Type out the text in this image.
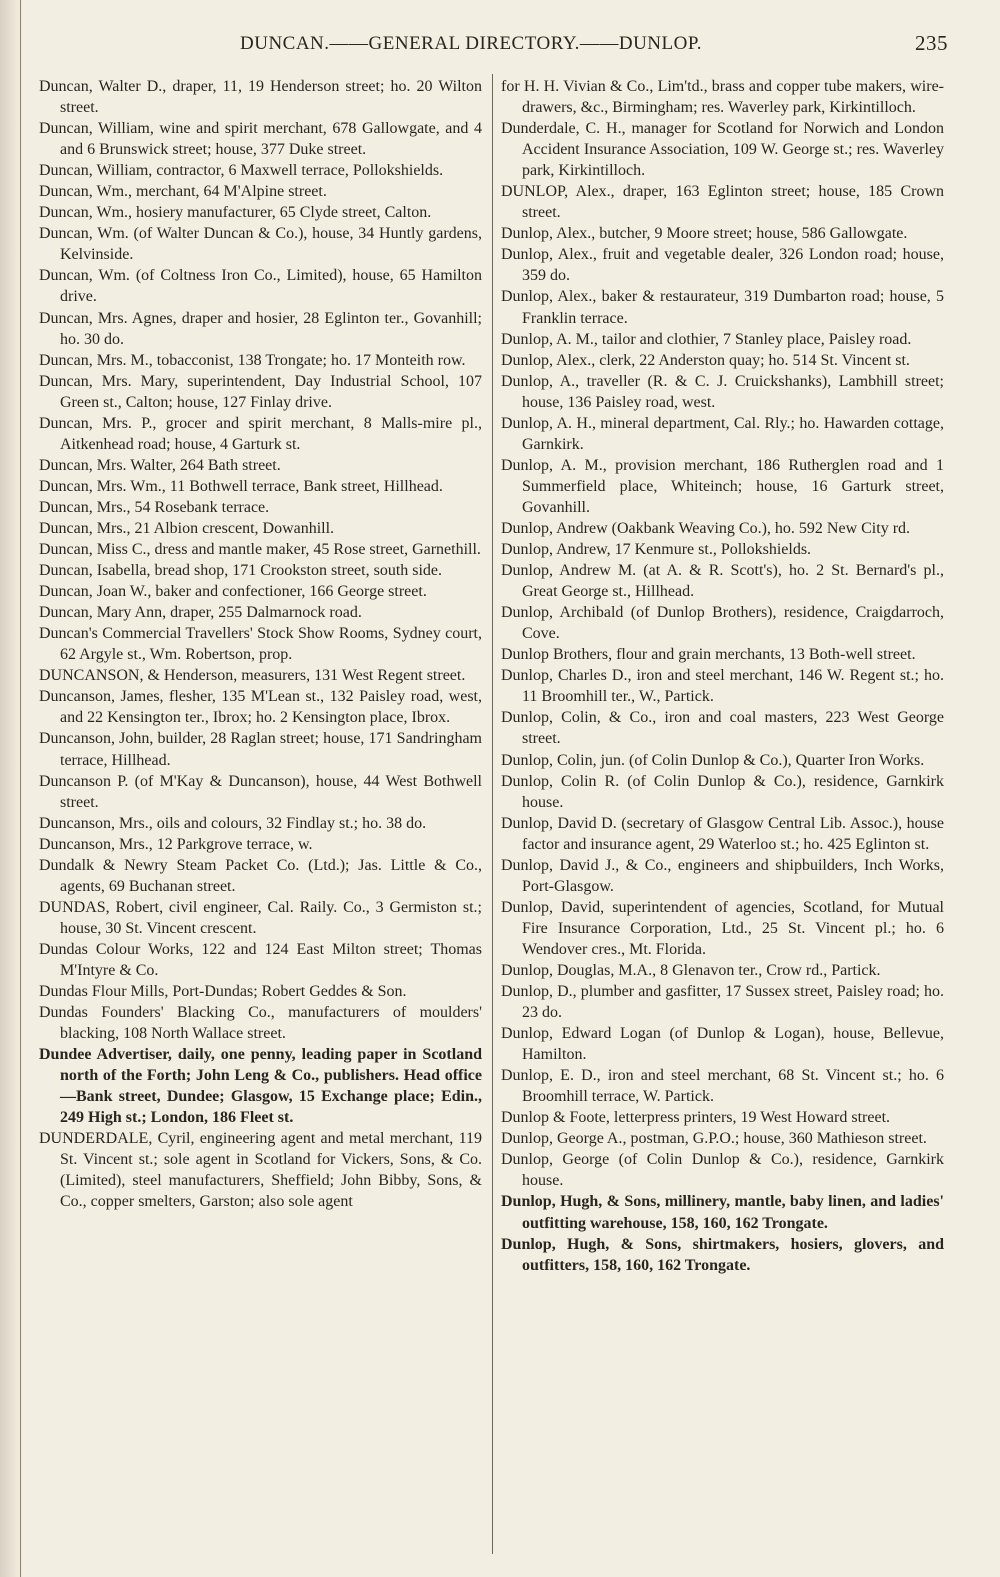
DUNCAN.——GENERAL DIRECTORY.——DUNLOP.	235

Duncan, Walter D., draper, 11, 19 Henderson street; ho. 20 Wilton street.

Duncan, William, wine and spirit merchant, 678 Gallowgate, and 4 and 6 Brunswick street; house, 377 Duke street.

Duncan, William, contractor, 6 Maxwell terrace, Pollokshields.

Duncan, Wm., merchant, 64 M'Alpine street.

Duncan, Wm., hosiery manufacturer, 65 Clyde street, Calton.

Duncan, Wm. (of Walter Duncan & Co.), house, 34 Huntly gardens, Kelvinside.

Duncan, Wm. (of Coltness Iron Co., Limited), house, 65 Hamilton drive.

Duncan, Mrs. Agnes, draper and hosier, 28 Eglinton ter., Govanhill; ho. 30 do.

Duncan, Mrs. M., tobacconist, 138 Trongate; ho. 17 Monteith row.

Duncan, Mrs. Mary, superintendent, Day Industrial School, 107 Green st., Calton; house, 127 Finlay drive.

Duncan, Mrs. P., grocer and spirit merchant, 8 Malls-mire pl., Aitkenhead road; house, 4 Garturk st.

Duncan, Mrs. Walter, 264 Bath street.

Duncan, Mrs. Wm., 11 Bothwell terrace, Bank street, Hillhead.

Duncan, Mrs., 54 Rosebank terrace.

Duncan, Mrs., 21 Albion crescent, Dowanhill.

Duncan, Miss C., dress and mantle maker, 45 Rose street, Garnethill.

Duncan, Isabella, bread shop, 171 Crookston street, south side.

Duncan, Joan W., baker and confectioner, 166 George street.

Duncan, Mary Ann, draper, 255 Dalmarnock road.

Duncan's Commercial Travellers' Stock Show Rooms, Sydney court, 62 Argyle st., Wm. Robertson, prop.

DUNCANSON, & Henderson, measurers, 131 West Regent street.

Duncanson, James, flesher, 135 M'Lean st., 132 Paisley road, west, and 22 Kensington ter., Ibrox; ho. 2 Kensington place, Ibrox.

Duncanson, John, builder, 28 Raglan street; house, 171 Sandringham terrace, Hillhead.

Duncanson P. (of M'Kay & Duncanson), house, 44 West Bothwell street.

Duncanson, Mrs., oils and colours, 32 Findlay st.; ho. 38 do.

Duncanson, Mrs., 12 Parkgrove terrace, w.

Dundalk & Newry Steam Packet Co. (Ltd.); Jas. Little & Co., agents, 69 Buchanan street.

DUNDAS, Robert, civil engineer, Cal. Raily. Co., 3 Germiston st.; house, 30 St. Vincent crescent.

Dundas Colour Works, 122 and 124 East Milton street; Thomas M'Intyre & Co.

Dundas Flour Mills, Port-Dundas; Robert Geddes & Son.

Dundas Founders' Blacking Co., manufacturers of moulders' blacking, 108 North Wallace street.

Dundee Advertiser, daily, one penny, leading paper in Scotland north of the Forth; John Leng & Co., publishers. Head office—Bank street, Dundee; Glasgow, 15 Exchange place; Edin., 249 High st.; London, 186 Fleet st.

DUNDERDALE, Cyril, engineering agent and metal merchant, 119 St. Vincent st.; sole agent in Scotland for Vickers, Sons, & Co. (Limited), steel manufacturers, Sheffield; John Bibby, Sons, & Co., copper smelters, Garston; also sole agent

for H. H. Vivian & Co., Lim'td., brass and copper tube makers, wire-drawers, &c., Birmingham; res. Waverley park, Kirkintilloch.

Dunderdale, C. H., manager for Scotland for Norwich and London Accident Insurance Association, 109 W. George st.; res. Waverley park, Kirkintilloch.

DUNLOP, Alex., draper, 163 Eglinton street; house, 185 Crown street.

Dunlop, Alex., butcher, 9 Moore street; house, 586 Gallowgate.

Dunlop, Alex., fruit and vegetable dealer, 326 London road; house, 359 do.

Dunlop, Alex., baker & restaurateur, 319 Dumbarton road; house, 5 Franklin terrace.

Dunlop, A. M., tailor and clothier, 7 Stanley place, Paisley road.

Dunlop, Alex., clerk, 22 Anderston quay; ho. 514 St. Vincent st.

Dunlop, A., traveller (R. & C. J. Cruickshanks), Lambhill street; house, 136 Paisley road, west.

Dunlop, A. H., mineral department, Cal. Rly.; ho. Hawarden cottage, Garnkirk.

Dunlop, A. M., provision merchant, 186 Rutherglen road and 1 Summerfield place, Whiteinch; house, 16 Garturk street, Govanhill.

Dunlop, Andrew (Oakbank Weaving Co.), ho. 592 New City rd.

Dunlop, Andrew, 17 Kenmure st., Pollokshields.

Dunlop, Andrew M. (at A. & R. Scott's), ho. 2 St. Bernard's pl., Great George st., Hillhead.

Dunlop, Archibald (of Dunlop Brothers), residence, Craigdarroch, Cove.

Dunlop Brothers, flour and grain merchants, 13 Both-well street.

Dunlop, Charles D., iron and steel merchant, 146 W. Regent st.; ho. 11 Broomhill ter., W., Partick.

Dunlop, Colin, & Co., iron and coal masters, 223 West George street.

Dunlop, Colin, jun. (of Colin Dunlop & Co.), Quarter Iron Works.

Dunlop, Colin R. (of Colin Dunlop & Co.), residence, Garnkirk house.

Dunlop, David D. (secretary of Glasgow Central Lib. Assoc.), house factor and insurance agent, 29 Waterloo st.; ho. 425 Eglinton st.

Dunlop, David J., & Co., engineers and shipbuilders, Inch Works, Port-Glasgow.

Dunlop, David, superintendent of agencies, Scotland, for Mutual Fire Insurance Corporation, Ltd., 25 St. Vincent pl.; ho. 6 Wendover cres., Mt. Florida.

Dunlop, Douglas, M.A., 8 Glenavon ter., Crow rd., Partick.

Dunlop, D., plumber and gasfitter, 17 Sussex street, Paisley road; ho. 23 do.

Dunlop, Edward Logan (of Dunlop & Logan), house, Bellevue, Hamilton.

Dunlop, E. D., iron and steel merchant, 68 St. Vincent st.; ho. 6 Broomhill terrace, W. Partick.

Dunlop & Foote, letterpress printers, 19 West Howard street.

Dunlop, George A., postman, G.P.O.; house, 360 Mathieson street.

Dunlop, George (of Colin Dunlop & Co.), residence, Garnkirk house.

Dunlop, Hugh, & Sons, millinery, mantle, baby linen, and ladies' outfitting warehouse, 158, 160, 162 Trongate.

Dunlop, Hugh, & Sons, shirtmakers, hosiers, glovers, and outfitters, 158, 160, 162 Trongate.
